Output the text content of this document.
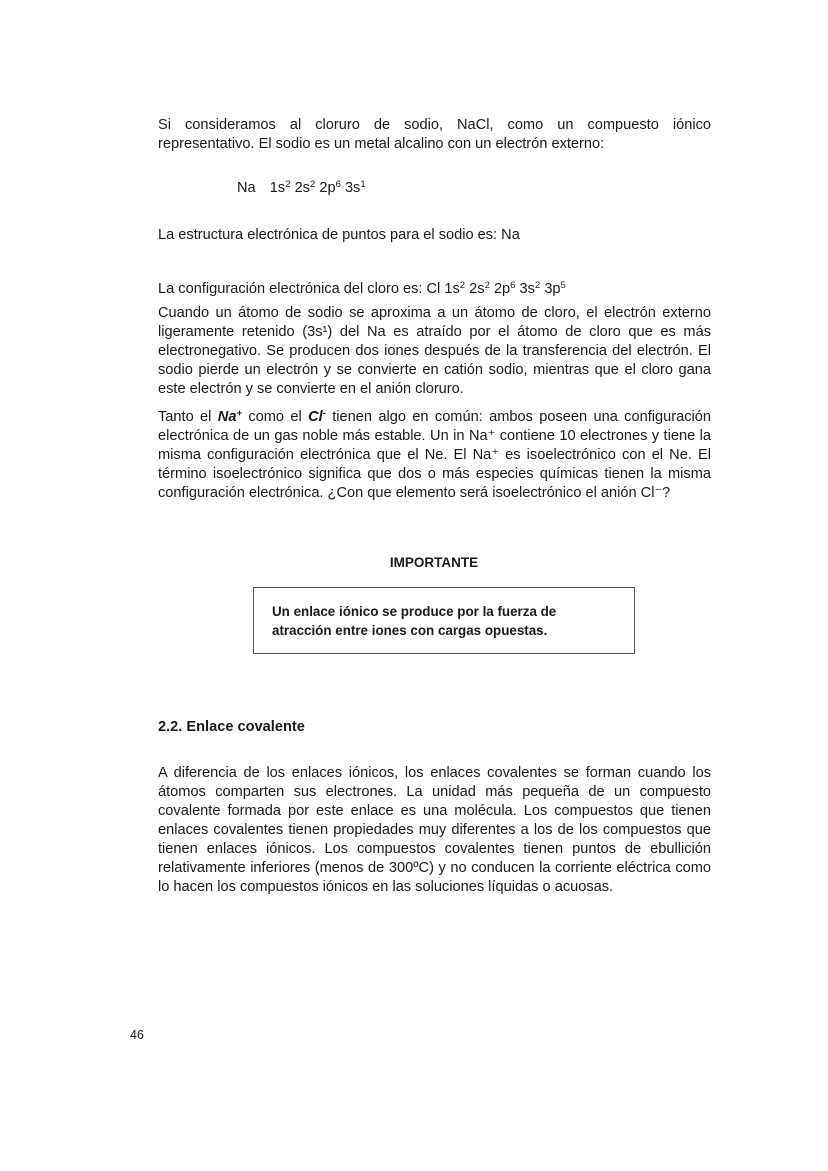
Si consideramos al cloruro de sodio, NaCl, como un compuesto iónico representativo. El sodio es un metal alcalino con un electrón externo:

Na $1s^2$ $2s^2$ $2p^6$ $3s^1$

La estructura electrónica de puntos para el sodio es: Na

La configuración electrónica del cloro es: Cl $1s^2$ $2s^2$ $2p^6$ $3s^2$ $3p^5$

Cuando un átomo de sodio se aproxima a un átomo de cloro, el electrón externo ligeramente retenido (3s¹) del Na es atraído por el átomo de cloro que es más electronegativo. Se producen dos iones después de la transferencia del electrón. El sodio pierde un electrón y se convierte en catión sodio, mientras que el cloro gana este electrón y se convierte en el anión cloruro.

Tanto el Na+ como el Cl- tienen algo en común: ambos poseen una configuración electrónica de un gas noble más estable. Un in Na⁺ contiene 10 electrones y tiene la misma configuración electrónica que el Ne. El Na⁺ es isoelectrónico con el Ne. El término isoelectrónico significa que dos o más especies químicas tienen la misma configuración electrónica. ¿Con que elemento será isoelectrónico el anión Cl⁻?

IMPORTANTE

Un enlace iónico se produce por la fuerza de atracción entre iones con cargas opuestas.

2.2. Enlace covalente

A diferencia de los enlaces iónicos, los enlaces covalentes se forman cuando los átomos comparten sus electrones. La unidad más pequeña de un compuesto covalente formada por este enlace es una molécula. Los compuestos que tienen enlaces covalentes tienen propiedades muy diferentes a los de los compuestos que tienen enlaces iónicos. Los compuestos covalentes tienen puntos de ebullición relativamente inferiores (menos de 300ºC) y no conducen la corriente eléctrica como lo hacen los compuestos iónicos en las soluciones líquidas o acuosas.

46
